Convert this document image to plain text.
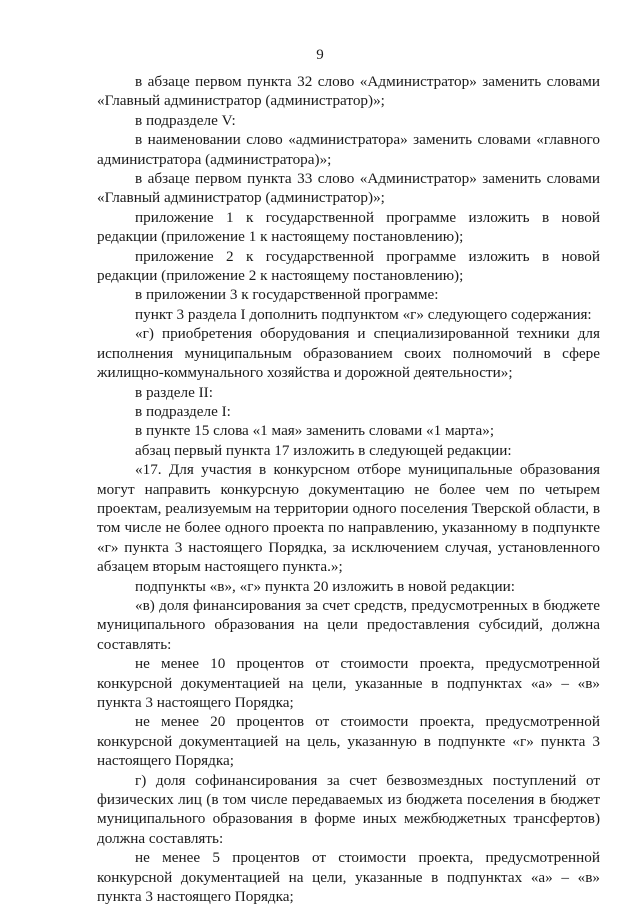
9

в абзаце первом пункта 32 слово «Администратор» заменить словами «Главный администратор (администратор)»;

в подразделе V:

в наименовании слово «администратора» заменить словами «главного администратора (администратора)»;

в абзаце первом пункта 33 слово «Администратор» заменить словами «Главный администратор (администратор)»;

приложение 1 к государственной программе изложить в новой редакции (приложение 1 к настоящему постановлению);

приложение 2 к государственной программе изложить в новой редакции (приложение 2 к настоящему постановлению);

в приложении 3 к государственной программе:

пункт 3 раздела I дополнить подпунктом «г» следующего содержания:

«г) приобретения оборудования и специализированной техники для исполнения муниципальным образованием своих полномочий в сфере жилищно-коммунального хозяйства и дорожной деятельности»;

в разделе II:

в подразделе I:

в пункте 15 слова «1 мая» заменить словами «1 марта»;

абзац первый пункта 17 изложить в следующей редакции:

«17. Для участия в конкурсном отборе муниципальные образования могут направить конкурсную документацию не более чем по четырем проектам, реализуемым на территории одного поселения Тверской области, в том числе не более одного проекта по направлению, указанному в подпункте «г» пункта 3 настоящего Порядка, за исключением случая, установленного абзацем вторым настоящего пункта.»;

подпункты «в», «г» пункта 20 изложить в новой редакции:

«в) доля финансирования за счет средств, предусмотренных в бюджете муниципального образования на цели предоставления субсидий, должна составлять:

не менее 10 процентов от стоимости проекта, предусмотренной конкурсной документацией на цели, указанные в подпунктах «а» – «в» пункта 3 настоящего Порядка;

не менее 20 процентов от стоимости проекта, предусмотренной конкурсной документацией на цель, указанную в подпункте «г» пункта 3 настоящего Порядка;

г) доля софинансирования за счет безвозмездных поступлений от физических лиц (в том числе передаваемых из бюджета поселения в бюджет муниципального образования в форме иных межбюджетных трансфертов) должна составлять:

не менее 5 процентов от стоимости проекта, предусмотренной конкурсной документацией на цели, указанные в подпунктах «а» – «в» пункта 3 настоящего Порядка;
